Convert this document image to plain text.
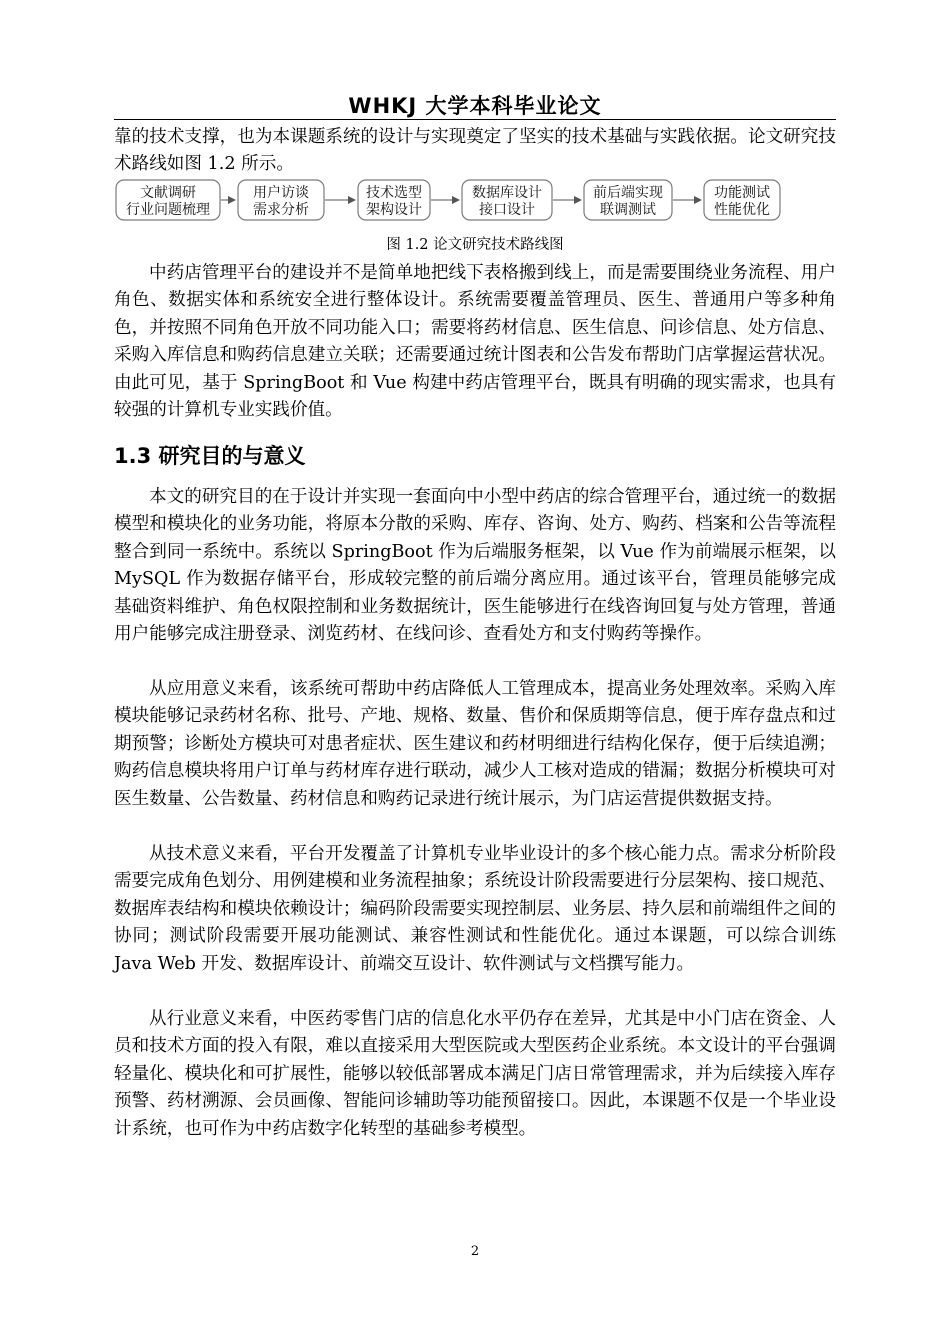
WHKJ 大学本科毕业论文

靠的技术支撑，也为本课题系统的设计与实现奠定了坚实的技术基础与实践依据。论文研究技术路线如图 1.2 所示。

文献调研
行业问题梳理
用户访谈
需求分析
技术选型
架构设计
数据库设计
接口设计
前后端实现
联调测试
功能测试
性能优化
图 1.2 论文研究技术路线图

中药店管理平台的建设并不是简单地把线下表格搬到线上，而是需要围绕业务流程、用户角色、数据实体和系统安全进行整体设计。系统需要覆盖管理员、医生、普通用户等多种角色，并按照不同角色开放不同功能入口；需要将药材信息、医生信息、问诊信息、处方信息、采购入库信息和购药信息建立关联；还需要通过统计图表和公告发布帮助门店掌握运营状况。由此可见，基于 SpringBoot 和 Vue 构建中药店管理平台，既具有明确的现实需求，也具有较强的计算机专业实践价值。

1.3 研究目的与意义

本文的研究目的在于设计并实现一套面向中小型中药店的综合管理平台，通过统一的数据模型和模块化的业务功能，将原本分散的采购、库存、咨询、处方、购药、档案和公告等流程整合到同一系统中。系统以 SpringBoot 作为后端服务框架，以 Vue 作为前端展示框架，以 MySQL 作为数据存储平台，形成较完整的前后端分离应用。通过该平台，管理员能够完成基础资料维护、角色权限控制和业务数据统计，医生能够进行在线咨询回复与处方管理，普通用户能够完成注册登录、浏览药材、在线问诊、查看处方和支付购药等操作。

从应用意义来看，该系统可帮助中药店降低人工管理成本，提高业务处理效率。采购入库模块能够记录药材名称、批号、产地、规格、数量、售价和保质期等信息，便于库存盘点和过期预警；诊断处方模块可对患者症状、医生建议和药材明细进行结构化保存，便于后续追溯；购药信息模块将用户订单与药材库存进行联动，减少人工核对造成的错漏；数据分析模块可对医生数量、公告数量、药材信息和购药记录进行统计展示，为门店运营提供数据支持。

从技术意义来看，平台开发覆盖了计算机专业毕业设计的多个核心能力点。需求分析阶段需要完成角色划分、用例建模和业务流程抽象；系统设计阶段需要进行分层架构、接口规范、数据库表结构和模块依赖设计；编码阶段需要实现控制层、业务层、持久层和前端组件之间的协同；测试阶段需要开展功能测试、兼容性测试和性能优化。通过本课题，可以综合训练 Java Web 开发、数据库设计、前端交互设计、软件测试与文档撰写能力。

从行业意义来看，中医药零售门店的信息化水平仍存在差异，尤其是中小门店在资金、人员和技术方面的投入有限，难以直接采用大型医院或大型医药企业系统。本文设计的平台强调轻量化、模块化和可扩展性，能够以较低部署成本满足门店日常管理需求，并为后续接入库存预警、药材溯源、会员画像、智能问诊辅助等功能预留接口。因此，本课题不仅是一个毕业设计系统，也可作为中药店数字化转型的基础参考模型。

2
